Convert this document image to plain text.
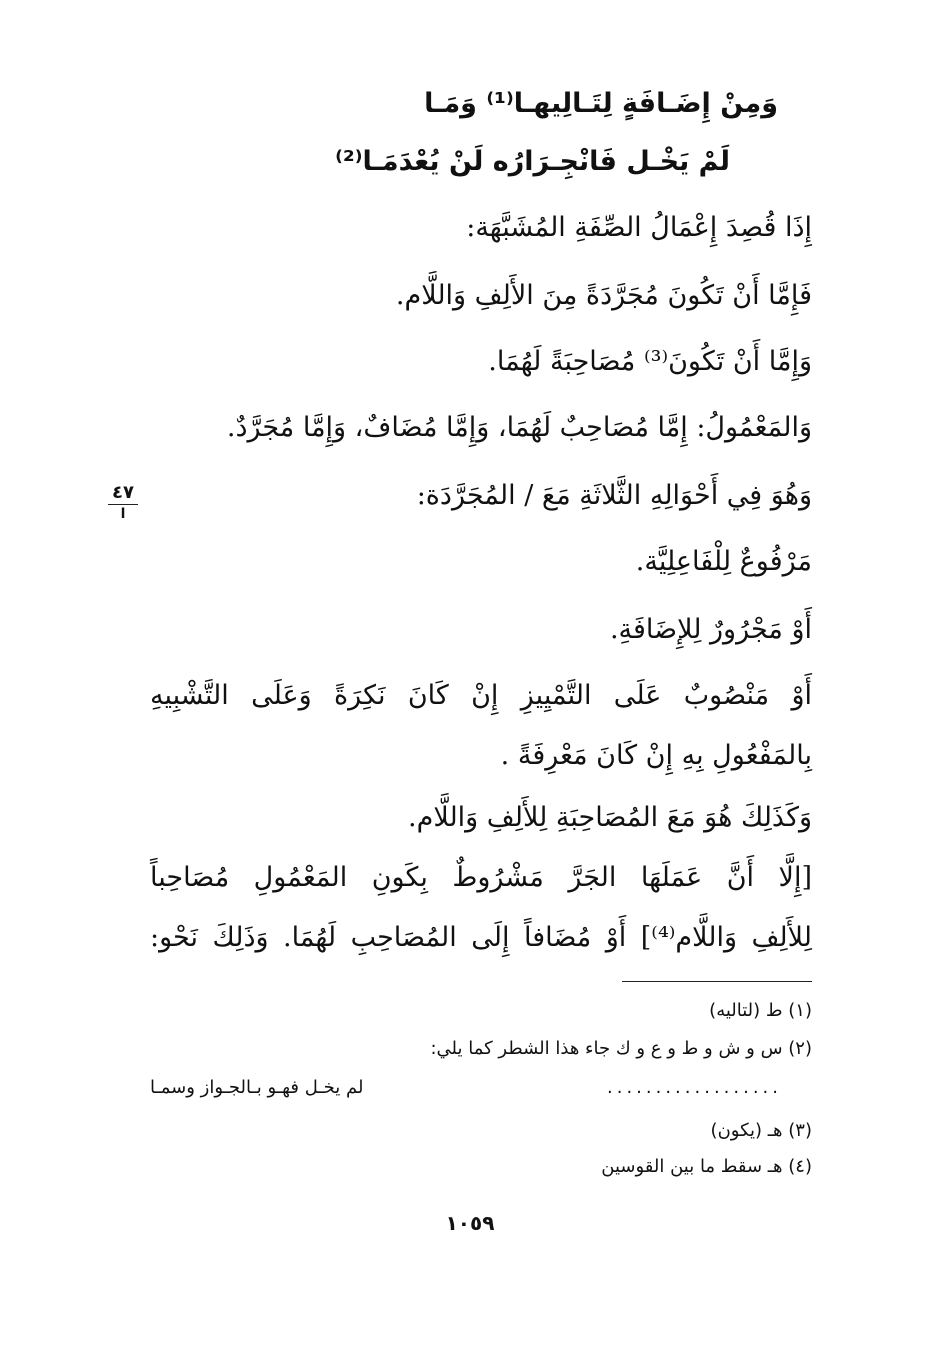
وَمِنْ إِضَـافَةٍ لِتَـالِيهـا⁽¹⁾ وَمَـا
لَمْ يَخْـل فَانْجِـرَارُه لَنْ يُعْدَمَـا⁽²⁾
إِذَا قُصِدَ إِعْمَالُ الصِّفَةِ المُشَبَّهَة:
فَإِمَّا أَنْ تَكُونَ مُجَرَّدَةً مِنَ الأَلِفِ وَاللَّام.
وَإِمَّا أَنْ تَكُونَ⁽³⁾ مُصَاحِبَةً لَهُمَا.
وَالمَعْمُولُ: إِمَّا مُصَاحِبٌ لَهُمَا، وَإِمَّا مُضَافٌ، وَإِمَّا مُجَرَّدٌ.
وَهُوَ فِي أَحْوَالِهِ الثَّلاثَةِ مَعَ / المُجَرَّدَة:
مَرْفُوعٌ لِلْفَاعِلِيَّة.
أَوْ مَجْرُورٌ لِلإِضَافَةِ.
أَوْ مَنْصُوبٌ عَلَى التَّمْيِيزِ إِنْ كَانَ نَكِرَةً وَعَلَى التَّشْبِيهِ
بِالمَفْعُولِ بِهِ إِنْ كَانَ مَعْرِفَةً .
وَكَذَلِكَ هُوَ مَعَ المُصَاحِبَةِ لِلأَلِفِ وَاللَّام.
[إِلَّا أَنَّ عَمَلَهَا الجَرَّ مَشْرُوطٌ بِكَونِ المَعْمُولِ مُصَاحِباً
لِلأَلِفِ وَاللَّام⁽⁴⁾] أَوْ مُضَافاً إِلَى المُصَاحِبِ لَهُمَا. وَذَلِكَ نَحْو:
٤٧
ا
(١) ط (لتاليه)
(٢) س و ش و ط و ع و ك جاء هذا الشطر كما يلي:
..................
لم يخـل فهـو بـالجـواز وسمـا
(٣) هـ (يكون)
(٤) هـ سقط ما بين القوسين
١٠٥٩
